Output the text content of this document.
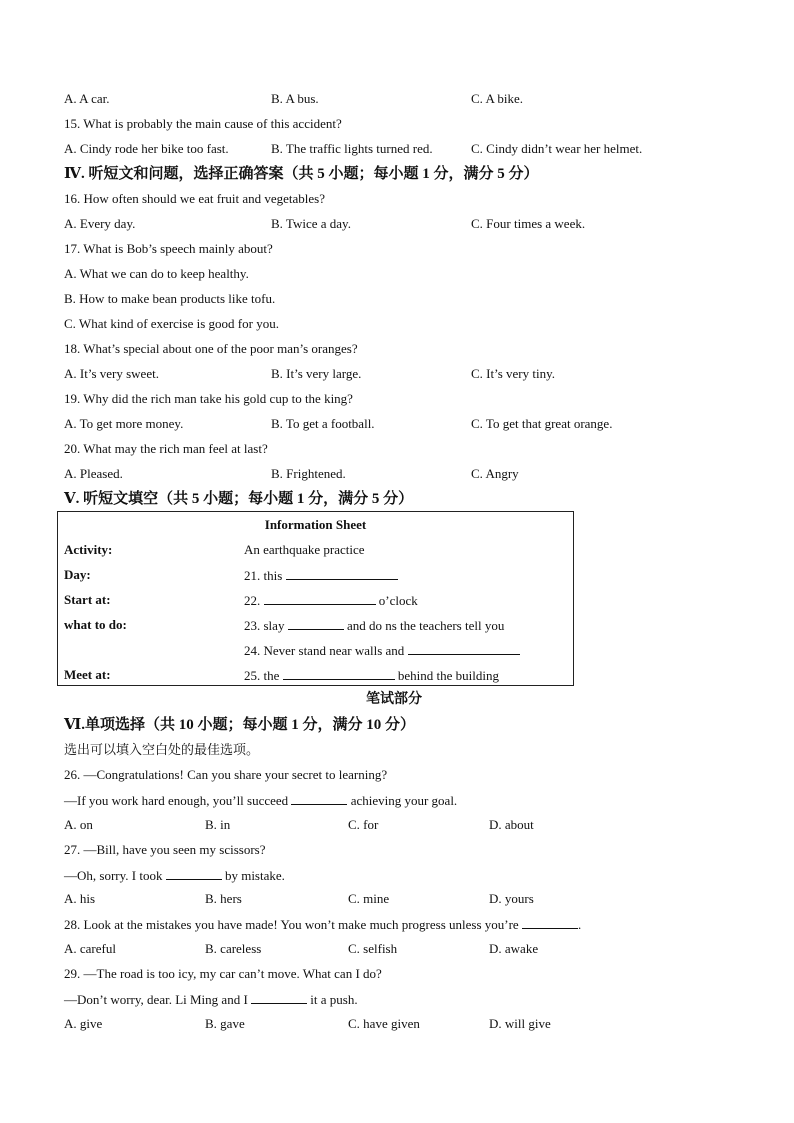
A. A car.	B. A bus.	C. A bike.
15. What is probably the main cause of this accident?
A. Cindy rode her bike too fast.	B. The traffic lights turned red.	C. Cindy didn’t wear her helmet.
Ⅳ. 听短文和问题，选择正确答案（共 5 小题；每小题 1 分，满分 5 分）
16. How often should we eat fruit and vegetables?
A. Every day.	B. Twice a day.	C. Four times a week.
17. What is Bob’s speech mainly about?
A. What we can do to keep healthy.
B. How to make bean products like tofu.
C. What kind of exercise is good for you.
18. What’s special about one of the poor man’s oranges?
A. It’s very sweet.	B. It’s very large.	C. It’s very tiny.
19. Why did the rich man take his gold cup to the king?
A. To get more money.	B. To get a football.	C. To get that great orange.
20. What may the rich man feel at last?
A. Pleased.	B. Frightened.	C. Angry
Ⅴ. 听短文填空（共 5 小题；每小题 1 分，满分 5 分）
Information Sheet
Activity:	An earthquake practice
Day:	21. this
Start at:	22.	o’clock
what to do:	23. slay	and do ns the teachers tell you
24. Never stand near walls and
Meet at:	25. the	behind the building
笔试部分
Ⅵ.单项选择（共 10 小题；每小题 1 分，满分 10 分）
选出可以填入空白处的最佳选项。
26. —Congratulations! Can you share your secret to learning?
—If you work hard enough, you’ll succeed	achieving your goal.
A. on	B. in	C. for	D. about
27. —Bill, have you seen my scissors?
—Oh, sorry. I took	by mistake.
A. his	B. hers	C. mine	D. yours
28. Look at the mistakes you have made! You won’t make much progress unless you’re	.
A. careful	B. careless	C. selfish	D. awake
29. —The road is too icy, my car can’t move. What can I do?
—Don’t worry, dear. Li Ming and I	it a push.
A. give	B. gave	C. have given	D. will give
